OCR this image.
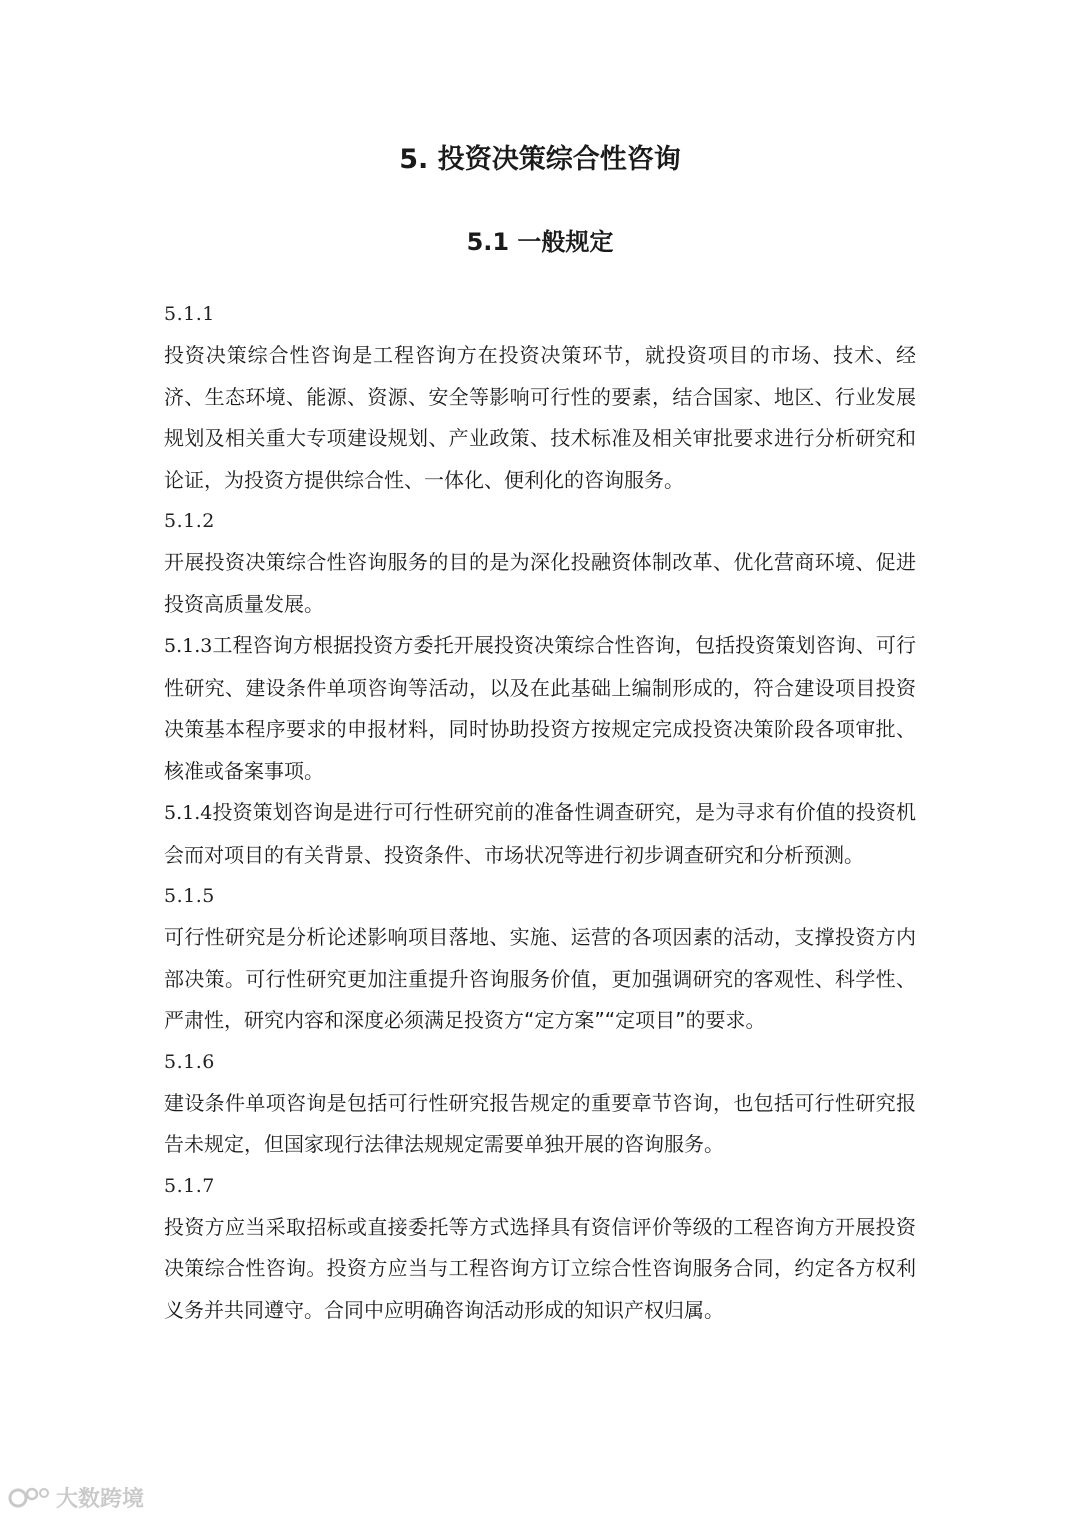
5. 投资决策综合性咨询
5.1 一般规定

5.1.1

投资决策综合性咨询是工程咨询方在投资决策环节，就投资项目的市场、技术、经济、生态环境、能源、资源、安全等影响可行性的要素，结合国家、地区、行业发展规划及相关重大专项建设规划、产业政策、技术标准及相关审批要求进行分析研究和论证，为投资方提供综合性、一体化、便利化的咨询服务。

5.1.2

开展投资决策综合性咨询服务的目的是为深化投融资体制改革、优化营商环境、促进投资高质量发展。

5.1.3工程咨询方根据投资方委托开展投资决策综合性咨询，包括投资策划咨询、可行性研究、建设条件单项咨询等活动，以及在此基础上编制形成的，符合建设项目投资决策基本程序要求的申报材料，同时协助投资方按规定完成投资决策阶段各项审批、核准或备案事项。

5.1.4投资策划咨询是进行可行性研究前的准备性调查研究，是为寻求有价值的投资机会而对项目的有关背景、投资条件、市场状况等进行初步调查研究和分析预测。

5.1.5

可行性研究是分析论述影响项目落地、实施、运营的各项因素的活动，支撑投资方内部决策。可行性研究更加注重提升咨询服务价值，更加强调研究的客观性、科学性、严肃性，研究内容和深度必须满足投资方“定方案”“定项目”的要求。

5.1.6

建设条件单项咨询是包括可行性研究报告规定的重要章节咨询，也包括可行性研究报告未规定，但国家现行法律法规规定需要单独开展的咨询服务。

5.1.7

投资方应当采取招标或直接委托等方式选择具有资信评价等级的工程咨询方开展投资决策综合性咨询。投资方应当与工程咨询方订立综合性咨询服务合同，约定各方权利义务并共同遵守。合同中应明确咨询活动形成的知识产权归属。

大数跨境
